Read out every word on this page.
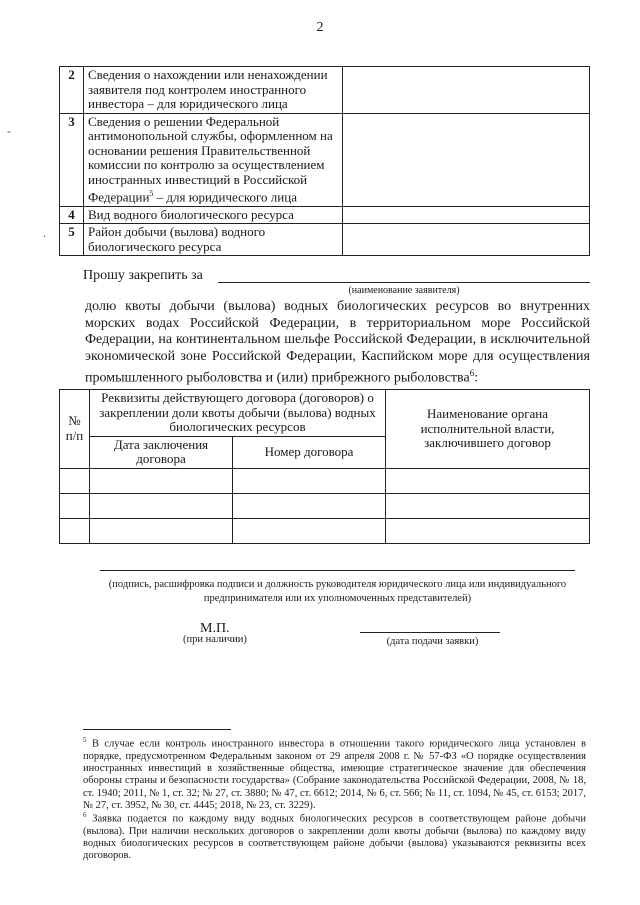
2
-
.
2	Сведения о нахождении или ненахождении заявителя под контролем иностранного инвестора – для юридического лица	
3	Сведения о решении Федеральной антимонопольной службы, оформленном на основании решения Правительственной комиссии по контролю за осуществлением иностранных инвестиций в Российской Федерации$^5$ – для юридического лица	
4	Вид водного биологического ресурса	
5	Район добычи (вылова) водного биологического ресурса	
Прошу закрепить за
(наименование заявителя)
долю квоты добычи (вылова) водных биологических ресурсов во внутренних морских водах Российской Федерации, в территориальном море Российской Федерации, на континентальном шельфе Российской Федерации, в исключительной экономической зоне Российской Федерации, Каспийском море для осуществления промышленного рыболовства и (или) прибрежного рыболовства$^6$:
№ п/п	Реквизиты действующего договора (договоров) о закреплении доли квоты добычи (вылова) водных биологических ресурсов		Наименование органа исполнительной власти, заключившего договор
	Дата заключения договора	Номер договора	

(подпись, расшифровка подписи и должность руководителя юридического лица или индивидуального предпринимателя или их уполномоченных представителей)
М.П.
(при наличии)	(дата подачи заявки)
$^5$ В случае если контроль иностранного инвестора в отношении такого юридического лица установлен в порядке, предусмотренном Федеральным законом от 29 апреля 2008 г. № 57-ФЗ «О порядке осуществления иностранных инвестиций в хозяйственные общества, имеющие стратегическое значение для обеспечения обороны страны и безопасности государства» (Собрание законодательства Российской Федерации, 2008, № 18, ст. 1940; 2011, № 1, ст. 32; № 27, ст. 3880; № 47, ст. 6612; 2014, № 6, ст. 566; № 11, ст. 1094, № 45, ст. 6153; 2017, № 27, ст. 3952, № 30, ст. 4445; 2018, № 23, ст. 3229).
$^6$ Заявка подается по каждому виду водных биологических ресурсов в соответствующем районе добычи (вылова). При наличии нескольких договоров о закреплении доли квоты добычи (вылова) по каждому виду водных биологических ресурсов в соответствующем районе добычи (вылова) указываются реквизиты всех договоров.
